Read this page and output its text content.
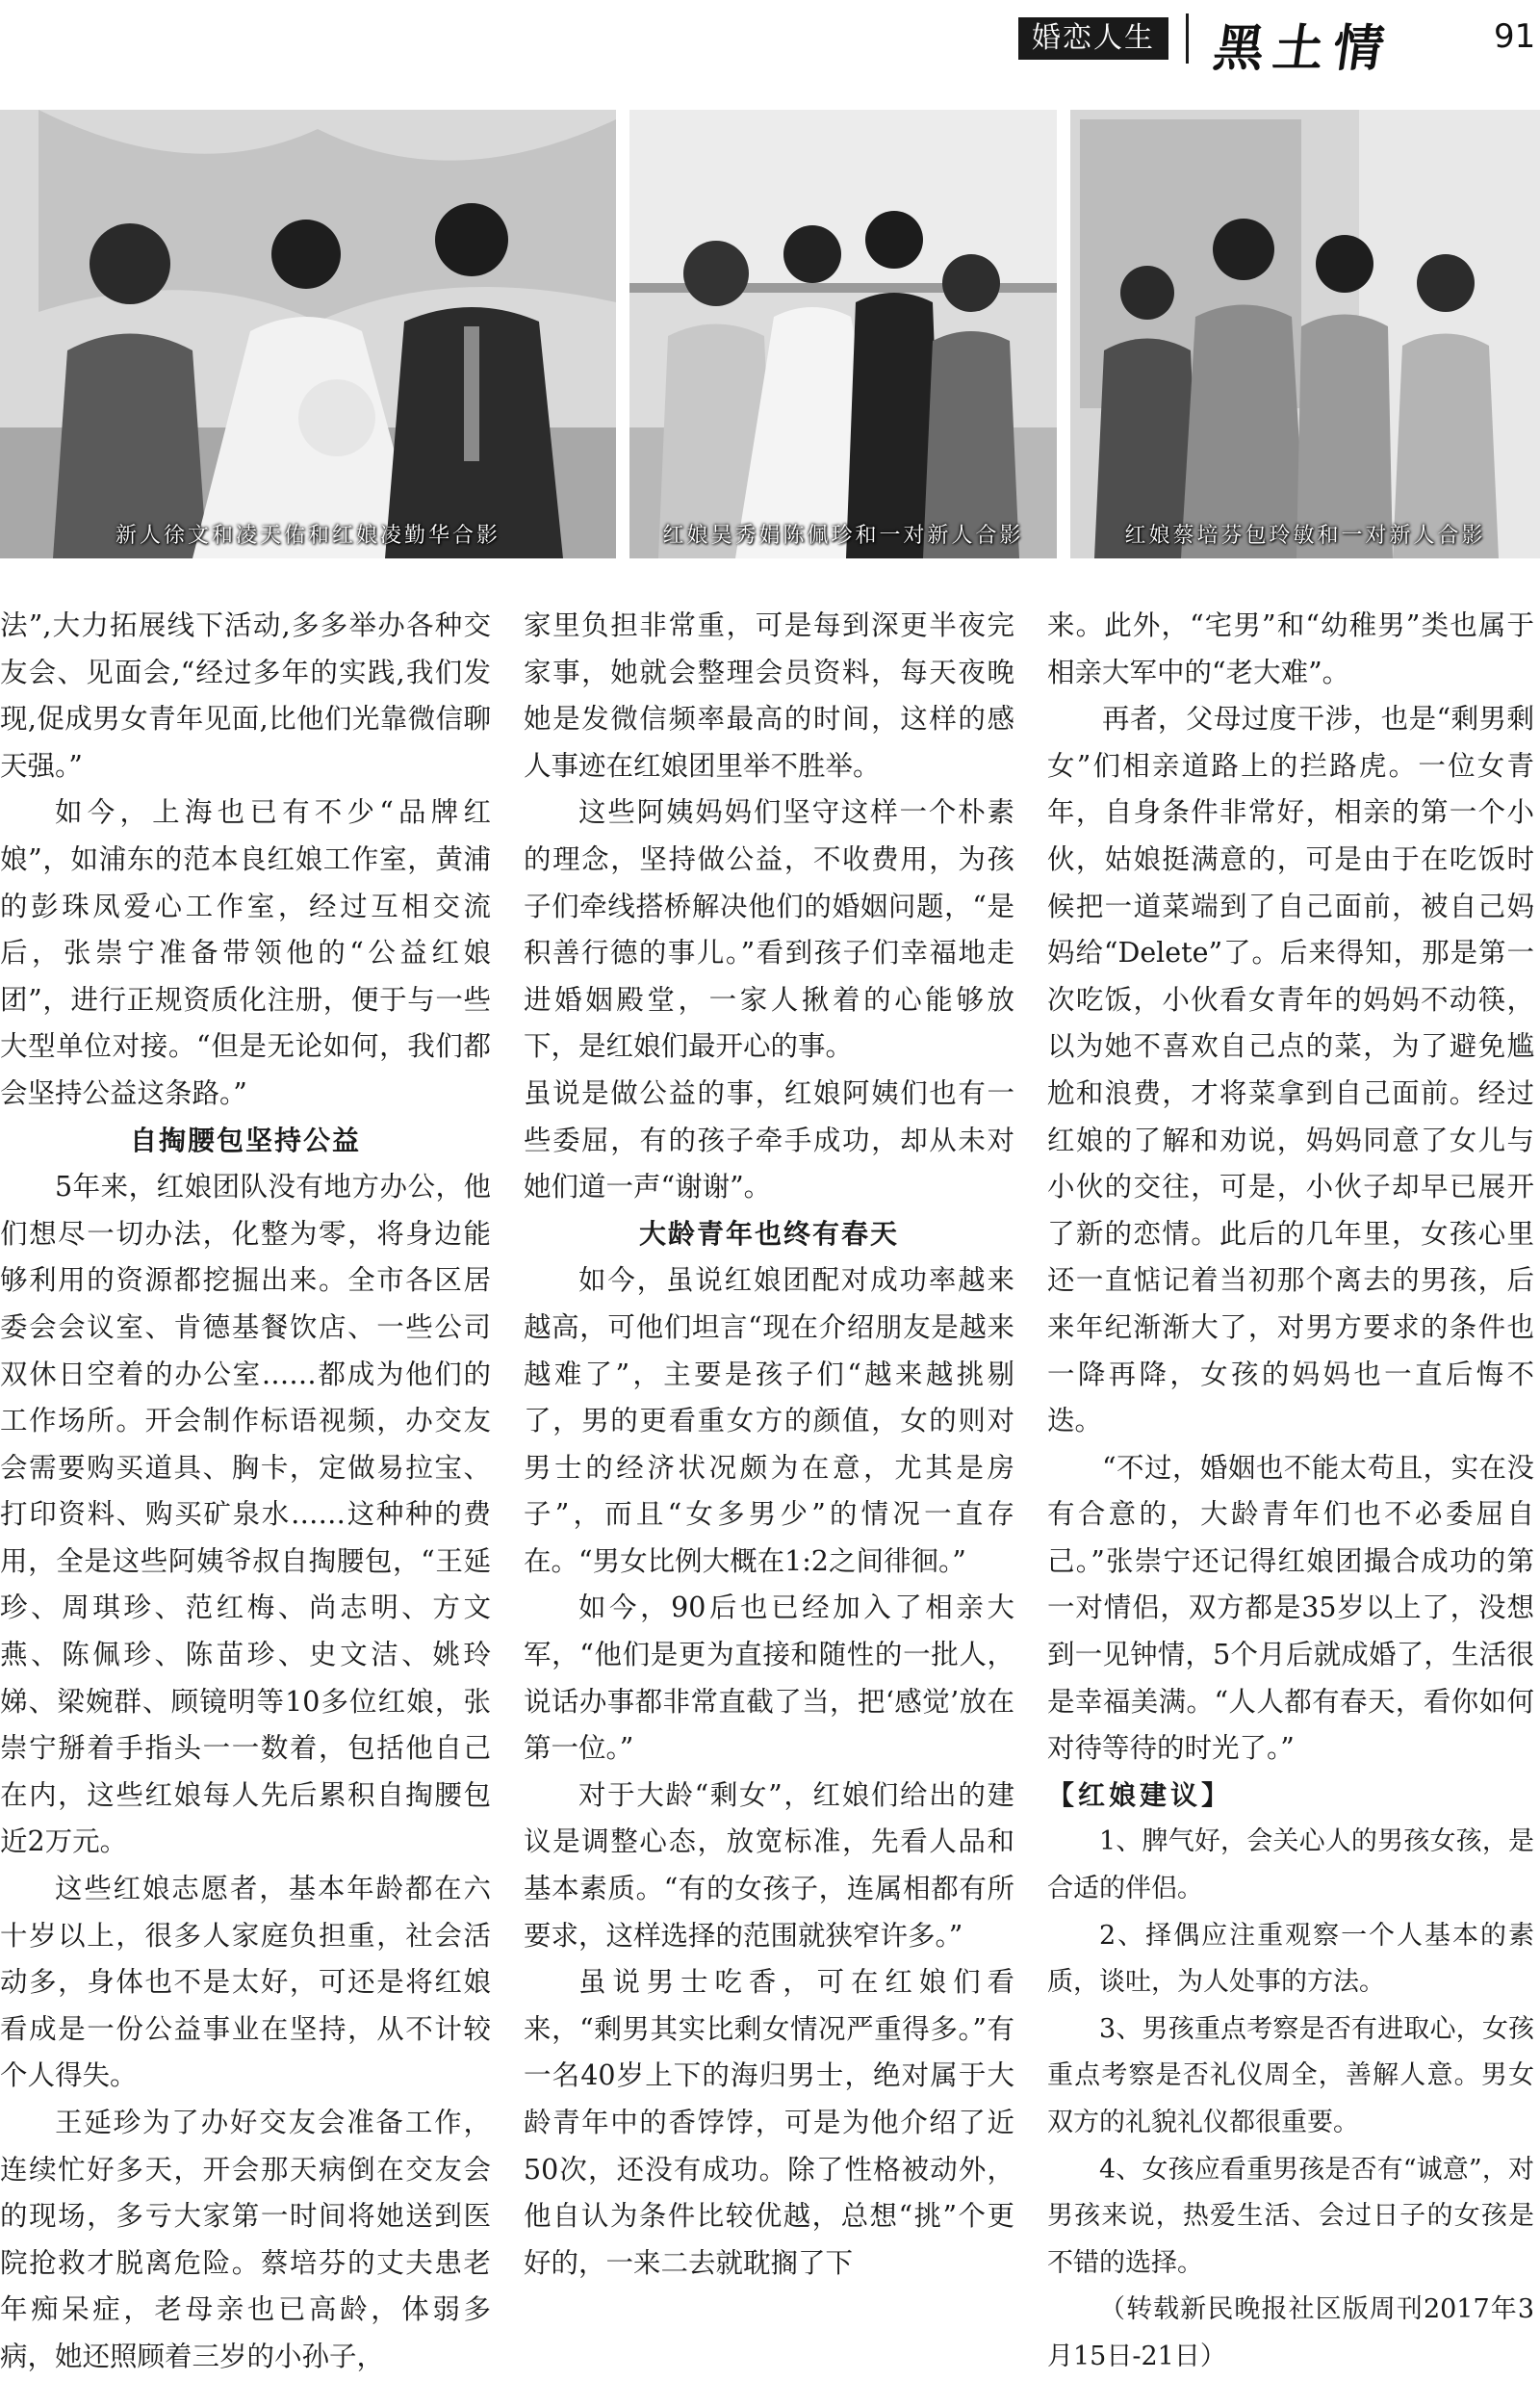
婚恋人生 黑土情	91
新人徐文和凌天佑和红娘凌勤华合影	红娘吴秀娟陈佩珍和一对新人合影	红娘蔡培芬包玲敏和一对新人合影

法”,大力拓展线下活动,多多举办各种交友会、见面会,“经过多年的实践,我们发现,促成男女青年见面,比他们光靠微信聊天强。”

如今，上海也已有不少“品牌红娘”，如浦东的范本良红娘工作室，黄浦的彭珠凤爱心工作室，经过互相交流后，张崇宁准备带领他的“公益红娘团”，进行正规资质化注册，便于与一些大型单位对接。“但是无论如何，我们都会坚持公益这条路。”

自掏腰包坚持公益

5年来，红娘团队没有地方办公，他们想尽一切办法，化整为零，将身边能够利用的资源都挖掘出来。全市各区居委会会议室、肯德基餐饮店、一些公司双休日空着的办公室……都成为他们的工作场所。开会制作标语视频，办交友会需要购买道具、胸卡，定做易拉宝、打印资料、购买矿泉水……这种种的费用，全是这些阿姨爷叔自掏腰包，“王延珍、周琪珍、范红梅、尚志明、方文燕、陈佩珍、陈苗珍、史文洁、姚玲娣、梁婉群、顾镜明等10多位红娘，张崇宁掰着手指头一一数着，包括他自己在内，这些红娘每人先后累积自掏腰包近2万元。

这些红娘志愿者，基本年龄都在六十岁以上，很多人家庭负担重，社会活动多，身体也不是太好，可还是将红娘看成是一份公益事业在坚持，从不计较个人得失。

王延珍为了办好交友会准备工作，连续忙好多天，开会那天病倒在交友会的现场，多亏大家第一时间将她送到医院抢救才脱离危险。蔡培芬的丈夫患老年痴呆症，老母亲也已高龄，体弱多病，她还照顾着三岁的小孙子，

家里负担非常重，可是每到深更半夜完家事，她就会整理会员资料，每天夜晚她是发微信频率最高的时间，这样的感人事迹在红娘团里举不胜举。

这些阿姨妈妈们坚守这样一个朴素的理念，坚持做公益，不收费用，为孩子们牵线搭桥解决他们的婚姻问题，“是积善行德的事儿。”看到孩子们幸福地走进婚姻殿堂，一家人揪着的心能够放下，是红娘们最开心的事。

虽说是做公益的事，红娘阿姨们也有一些委屈，有的孩子牵手成功，却从未对她们道一声“谢谢”。

大龄青年也终有春天

如今，虽说红娘团配对成功率越来越高，可他们坦言“现在介绍朋友是越来越难了”，主要是孩子们“越来越挑剔了，男的更看重女方的颜值，女的则对男士的经济状况颇为在意，尤其是房子”，而且“女多男少”的情况一直存在。“男女比例大概在1:2之间徘徊。”

如今，90后也已经加入了相亲大军，“他们是更为直接和随性的一批人，说话办事都非常直截了当，把‘感觉’放在第一位。”

对于大龄“剩女”，红娘们给出的建议是调整心态，放宽标准，先看人品和基本素质。“有的女孩子，连属相都有所要求，这样选择的范围就狭窄许多。”

虽说男士吃香，可在红娘们看来，“剩男其实比剩女情况严重得多。”有一名40岁上下的海归男士，绝对属于大龄青年中的香饽饽，可是为他介绍了近50次，还没有成功。除了性格被动外，他自认为条件比较优越，总想“挑”个更好的，一来二去就耽搁了下

来。此外，“宅男”和“幼稚男”类也属于相亲大军中的“老大难”。

再者，父母过度干涉，也是“剩男剩女”们相亲道路上的拦路虎。一位女青年，自身条件非常好，相亲的第一个小伙，姑娘挺满意的，可是由于在吃饭时候把一道菜端到了自己面前，被自己妈妈给“Delete”了。后来得知，那是第一次吃饭，小伙看女青年的妈妈不动筷，以为她不喜欢自己点的菜，为了避免尴尬和浪费，才将菜拿到自己面前。经过红娘的了解和劝说，妈妈同意了女儿与小伙的交往，可是，小伙子却早已展开了新的恋情。此后的几年里，女孩心里还一直惦记着当初那个离去的男孩，后来年纪渐渐大了，对男方要求的条件也一降再降，女孩的妈妈也一直后悔不迭。

“不过，婚姻也不能太苟且，实在没有合意的，大龄青年们也不必委屈自己。”张崇宁还记得红娘团撮合成功的第一对情侣，双方都是35岁以上了，没想到一见钟情，5个月后就成婚了，生活很是幸福美满。“人人都有春天，看你如何对待等待的时光了。”

【红娘建议】

1、脾气好，会关心人的男孩女孩，是合适的伴侣。

2、择偶应注重观察一个人基本的素质，谈吐，为人处事的方法。

3、男孩重点考察是否有进取心，女孩重点考察是否礼仪周全，善解人意。男女双方的礼貌礼仪都很重要。

4、女孩应看重男孩是否有“诚意”，对男孩来说，热爱生活、会过日子的女孩是不错的选择。

（转载新民晚报社区版周刊2017年3月15日-21日）
